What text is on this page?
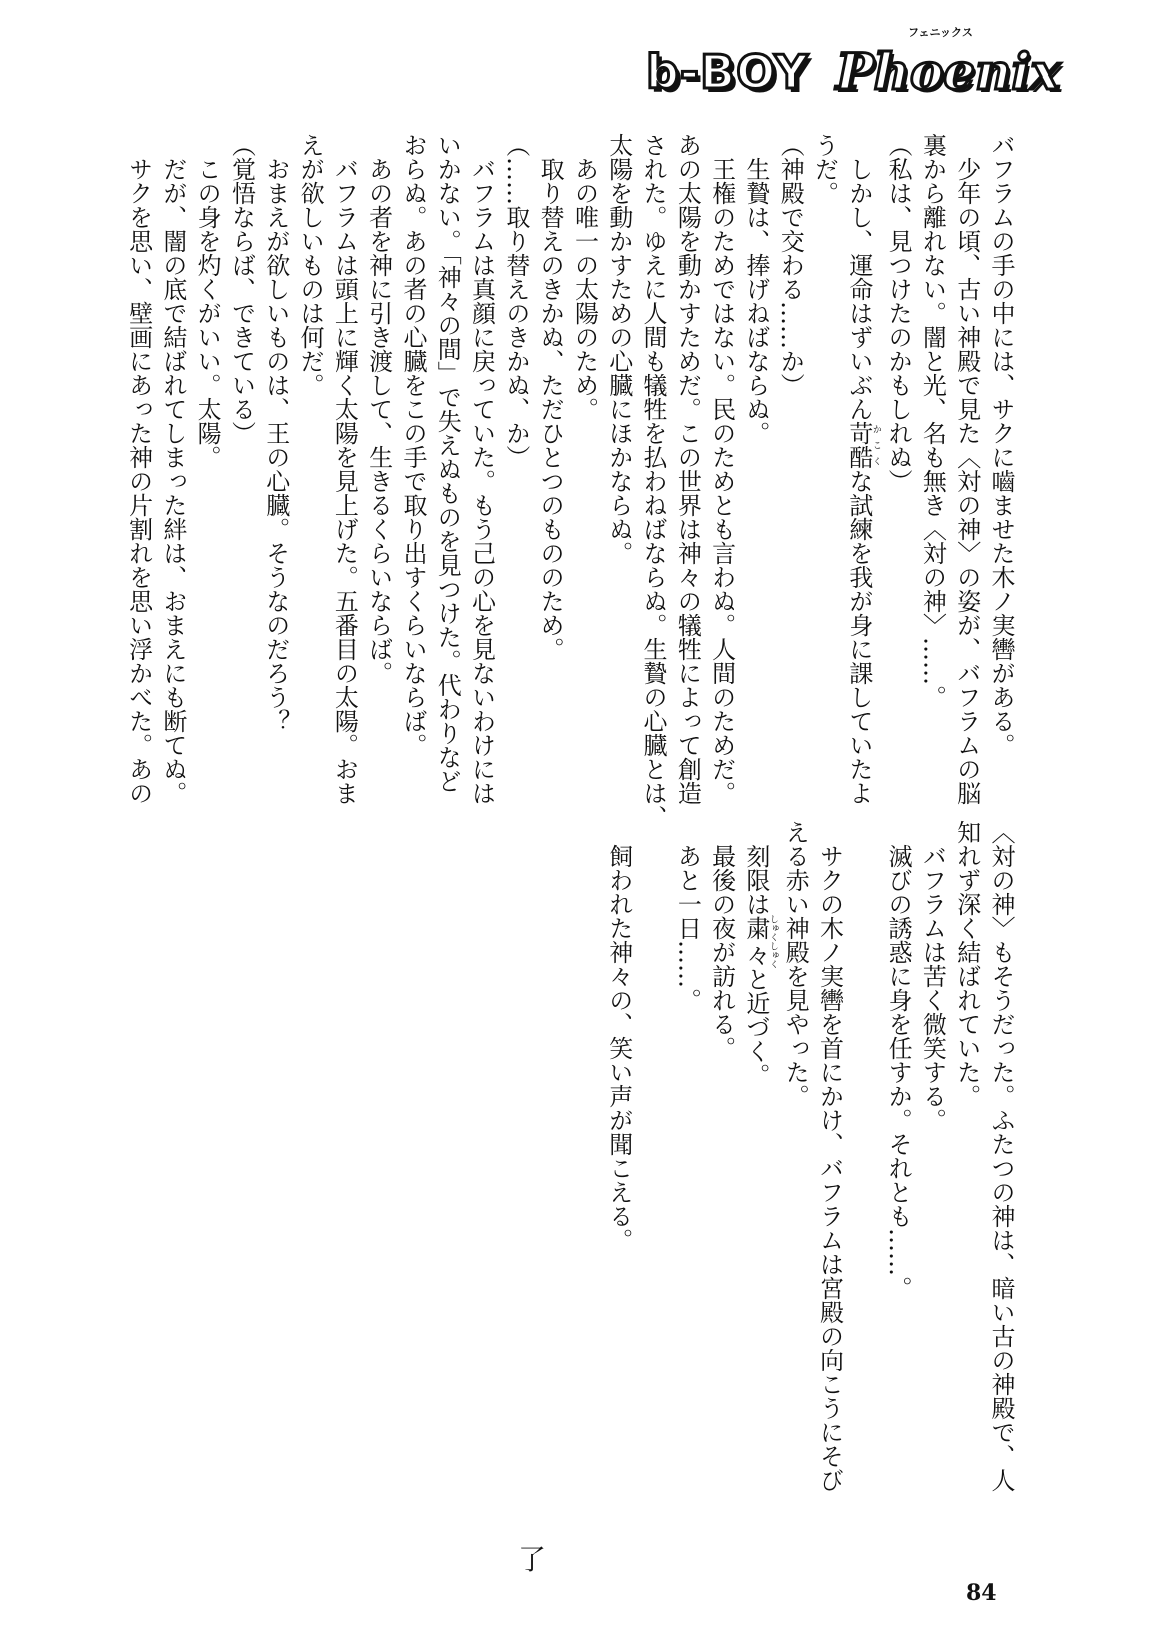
b-BOY Phoenix
フェニックス
バフラムの手の中には、サクに嚙ませた木ノ実轡がある。
　少年の頃、古い神殿で見た〈対の神〉の姿が、バフラムの脳
裏から離れない。闇と光、名も無き〈対の神〉……。
（私は、見つけたのかもしれぬ）
　しかし、運命はずいぶん苛酷かこくな試練を我が身に課していたよ
うだ。
（神殿で交わる……か）
　生贄は、捧げねばならぬ。
　王権のためではない。民のためとも言わぬ。人間のためだ。
あの太陽を動かすためだ。この世界は神々の犠牲によって創造
された。ゆえに人間も犠牲を払わねばならぬ。生贄の心臓とは、
太陽を動かすための心臓にほかならぬ。
　あの唯一の太陽のため。
　取り替えのきかぬ、ただひとつのもののため。
（……取り替えのきかぬ、か）
　バフラムは真顔に戻っていた。もう己の心を見ないわけには
いかない。「神々の間」で失えぬものを見つけた。代わりなど
おらぬ。あの者の心臓をこの手で取り出すくらいならば。
　あの者を神に引き渡して、生きるくらいならば。
　バフラムは頭上に輝く太陽を見上げた。五番目の太陽。おま
えが欲しいものは何だ。
　おまえが欲しいものは、王の心臓。そうなのだろう？
（覚悟ならば、できている）
　この身を灼くがいい。太陽。
　だが、闇の底で結ばれてしまった絆は、おまえにも断てぬ。
　サクを思い、壁画にあった神の片割れを思い浮かべた。あの
〈対の神〉もそうだった。ふたつの神は、暗い古の神殿で、人
知れず深く結ばれていた。
　バフラムは苦く微笑する。
　滅びの誘惑に身を任すか。それとも……。

　サクの木ノ実轡を首にかけ、バフラムは宮殿の向こうにそび
える赤い神殿を見やった。
　刻限は粛々しゅくしゅくと近づく。
　最後の夜が訪れる。
　あと一日……。

　飼われた神々の、笑い声が聞こえる。
了
84
